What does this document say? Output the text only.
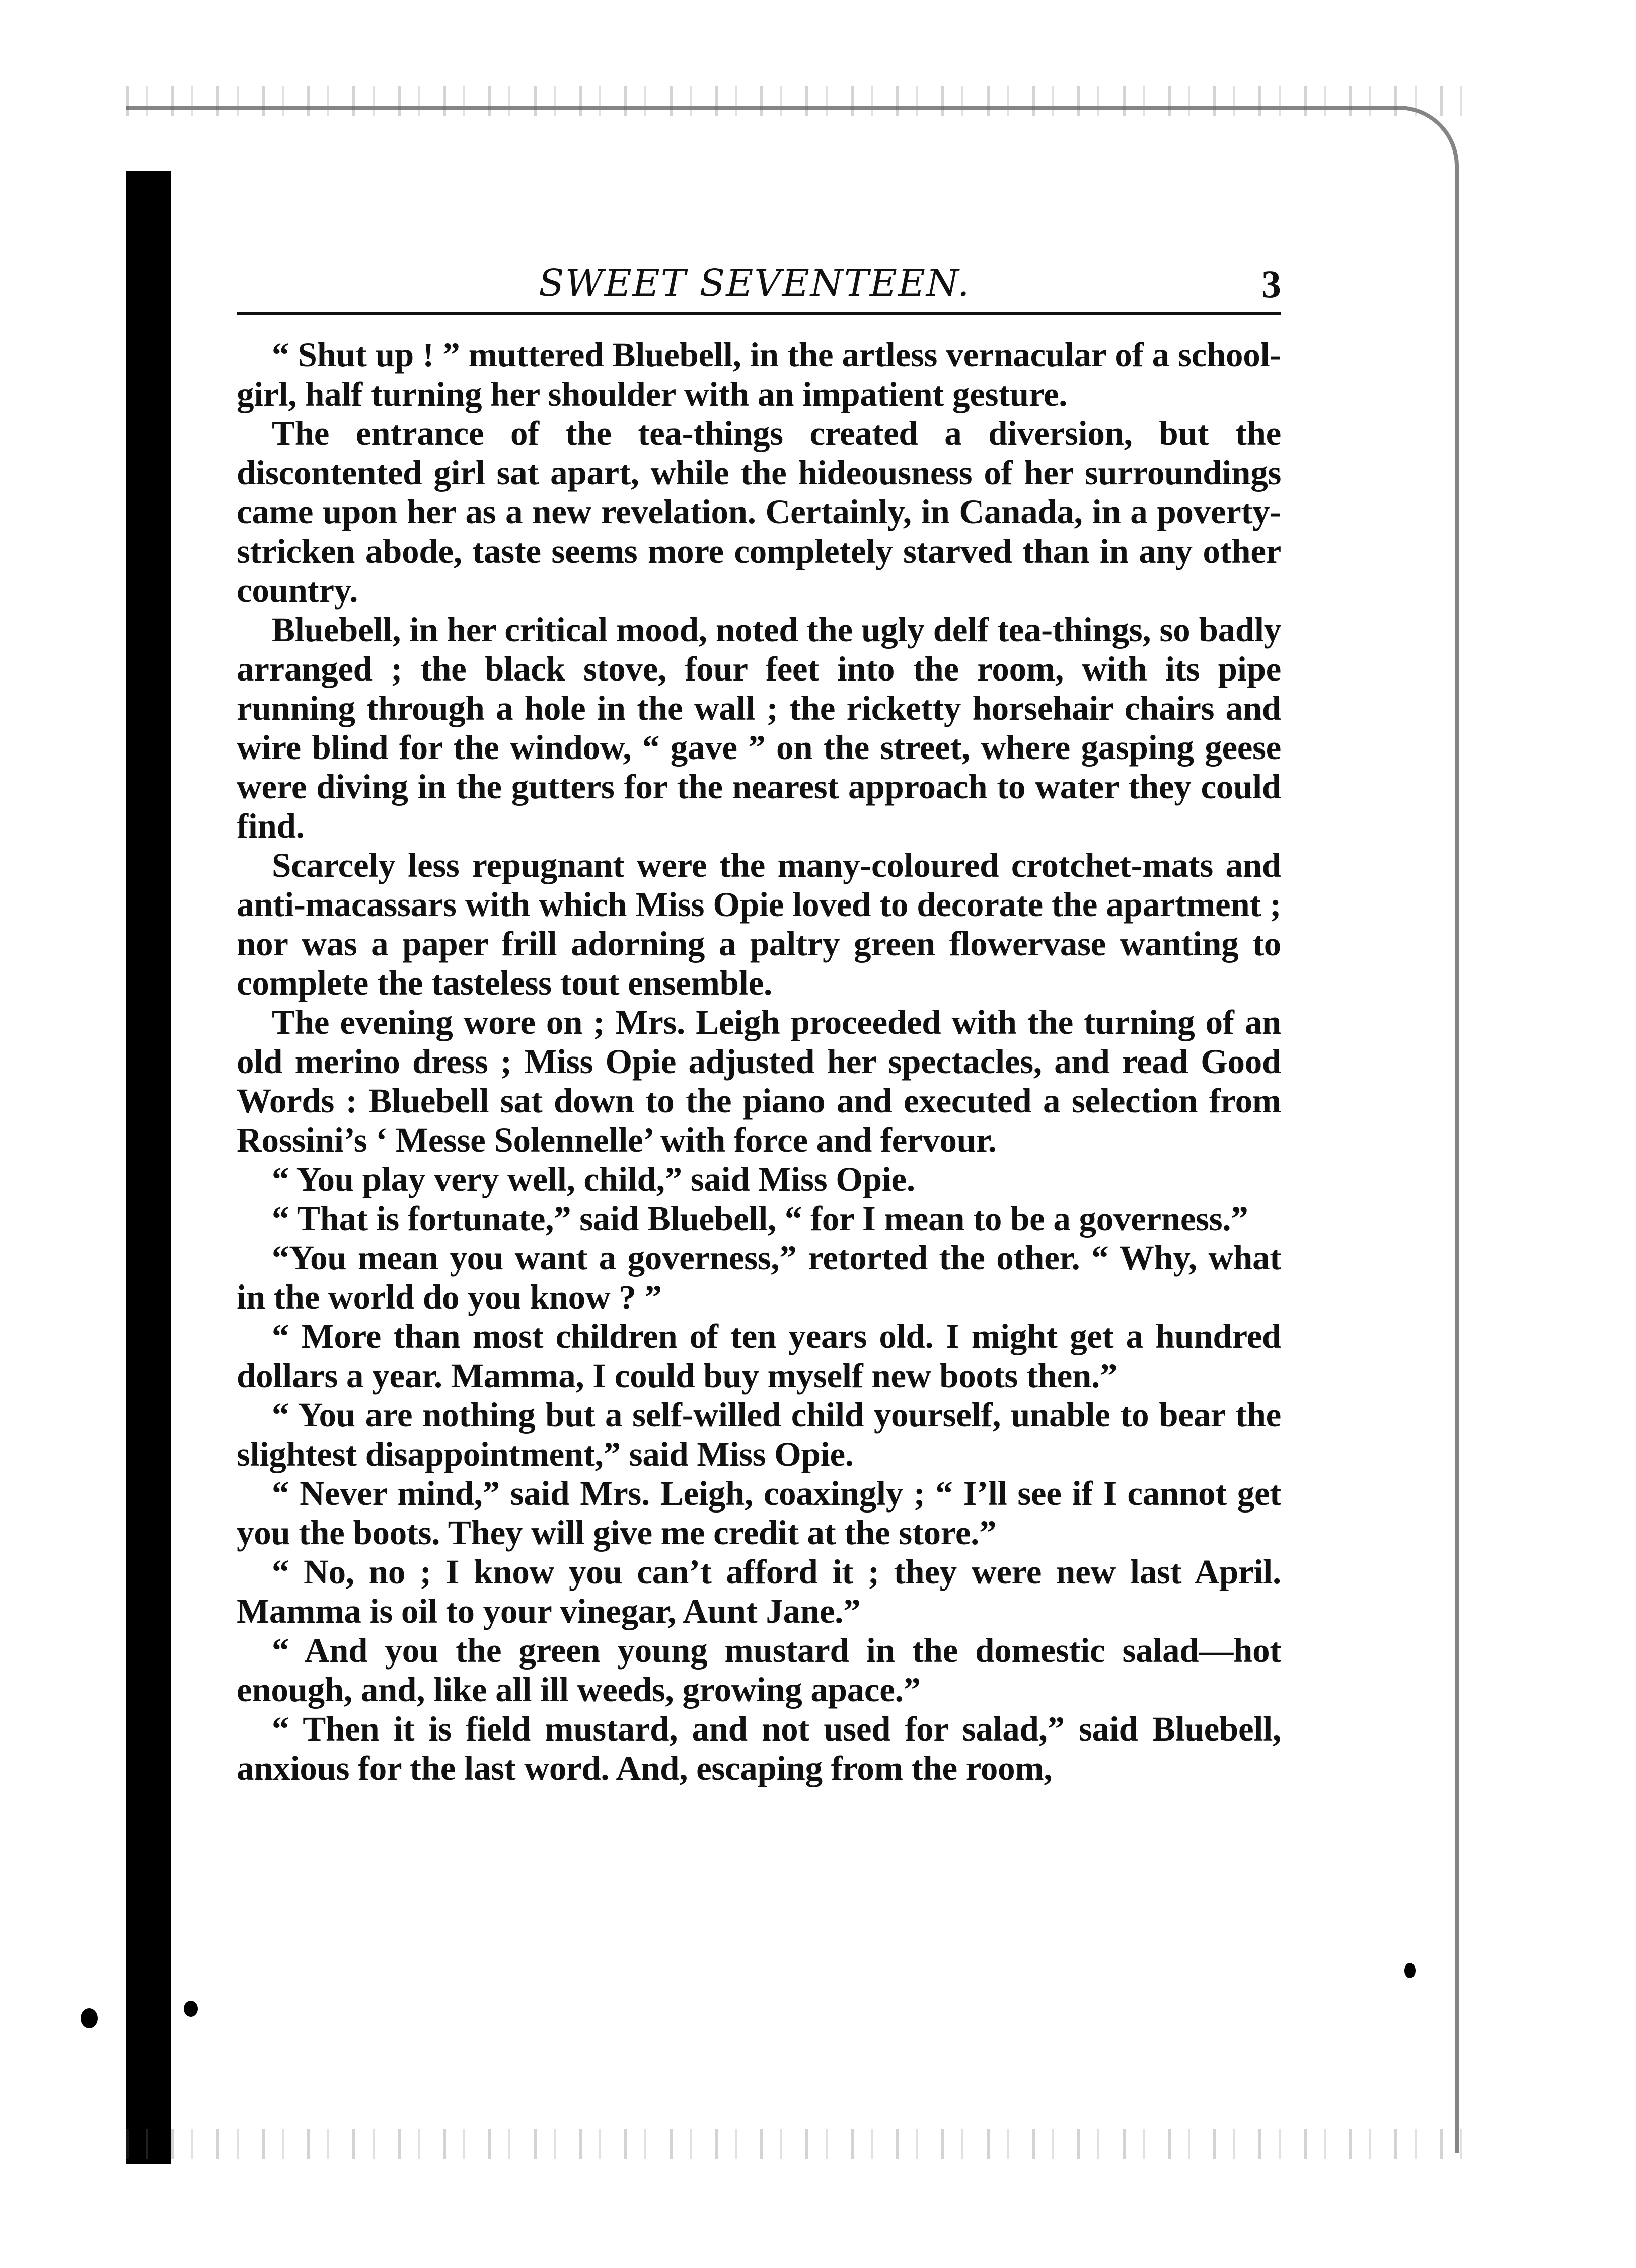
SWEET SEVENTEEN.	3

“ Shut up ! ” muttered Bluebell, in the artless vernacular of a school-girl, half turning her shoulder with an impatient gesture.

The entrance of the tea-things created a diversion, but the discontented girl sat apart, while the hideousness of her surroundings came upon her as a new revelation. Certainly, in Canada, in a poverty-stricken abode, taste seems more completely starved than in any other country.

Bluebell, in her critical mood, noted the ugly delf tea-things, so badly arranged ; the black stove, four feet into the room, with its pipe running through a hole in the wall ; the ricketty horsehair chairs and wire blind for the window, “ gave ” on the street, where gasping geese were diving in the gutters for the nearest approach to water they could find.

Scarcely less repugnant were the many-coloured crotchet-mats and anti-macassars with which Miss Opie loved to decorate the apartment ; nor was a paper frill adorning a paltry green flowervase wanting to complete the tasteless tout ensemble.

The evening wore on ; Mrs. Leigh proceeded with the turning of an old merino dress ; Miss Opie adjusted her spectacles, and read Good Words : Bluebell sat down to the piano and executed a selection from Rossini’s ‘ Messe Solennelle’ with force and fervour.

“ You play very well, child,” said Miss Opie.

“ That is fortunate,” said Bluebell, “ for I mean to be a governess.”

“You mean you want a governess,” retorted the other. “ Why, what in the world do you know ? ”

“ More than most children of ten years old. I might get a hundred dollars a year. Mamma, I could buy myself new boots then.”

“ You are nothing but a self-willed child yourself, unable to bear the slightest disappointment,” said Miss Opie.

“ Never mind,” said Mrs. Leigh, coaxingly ; “ I’ll see if I cannot get you the boots. They will give me credit at the store.”

“ No, no ; I know you can’t afford it ; they were new last April. Mamma is oil to your vinegar, Aunt Jane.”

“ And you the green young mustard in the domestic salad—hot enough, and, like all ill weeds, growing apace.”

“ Then it is field mustard, and not used for salad,” said Bluebell, anxious for the last word. And, escaping from the room,
